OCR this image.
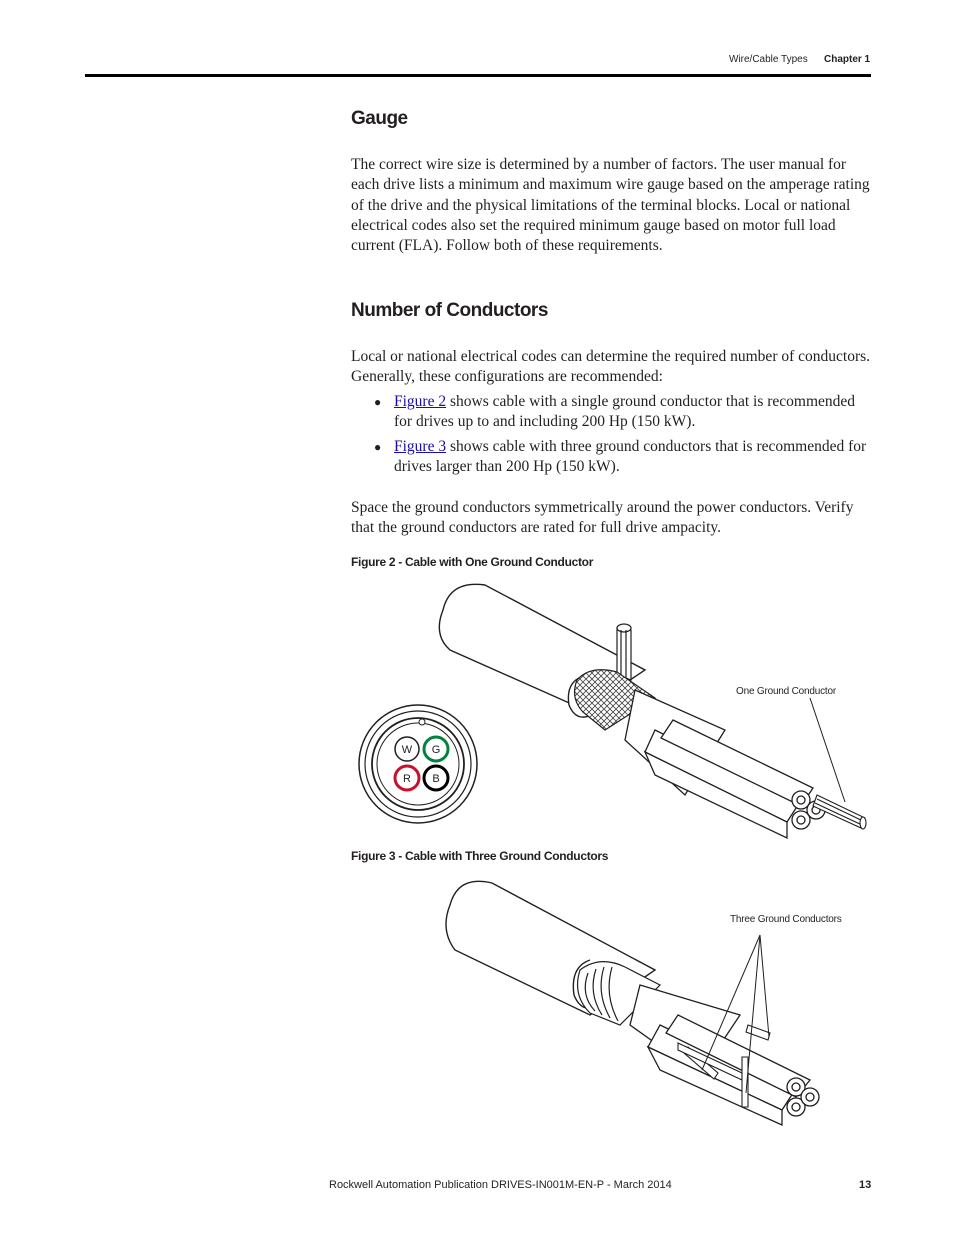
Wire/Cable Types Chapter 1
Gauge
The correct wire size is determined by a number of factors. The user manual for each drive lists a minimum and maximum wire gauge based on the amperage rating of the drive and the physical limitations of the terminal blocks. Local or national electrical codes also set the required minimum gauge based on motor full load current (FLA). Follow both of these requirements.
Number of Conductors
Local or national electrical codes can determine the required number of conductors. Generally, these configurations are recommended:
● Figure 2 shows cable with a single ground conductor that is recommended for drives up to and including 200 Hp (150 kW).
● Figure 3 shows cable with three ground conductors that is recommended for drives larger than 200 Hp (150 kW).
Space the ground conductors symmetrically around the power conductors. Verify that the ground conductors are rated for full drive ampacity.
Figure 2 - Cable with One Ground Conductor
W G
R B
One Ground Conductor
Figure 3 - Cable with Three Ground Conductors
Three Ground Conductors
Rockwell Automation Publication DRIVES-IN001M-EN-P - March 2014	13
